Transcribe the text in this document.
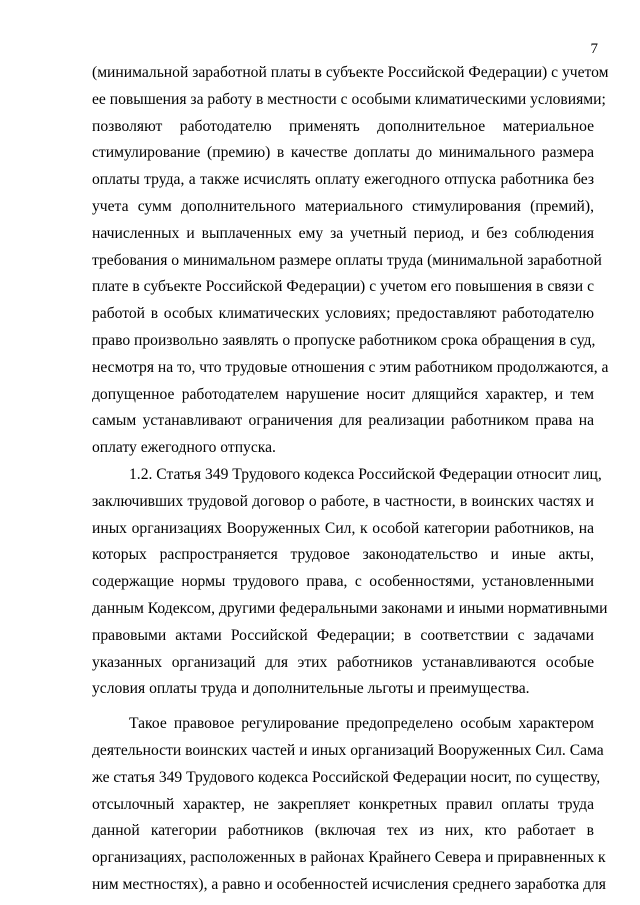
7
(минимальной заработной платы в субъекте Российской Федерации) с учетом
ее повышения за работу в местности с особыми климатическими условиями;
позволяют работодателю применять дополнительное материальное
стимулирование (премию) в качестве доплаты до минимального размера
оплаты труда, а также исчислять оплату ежегодного отпуска работника без
учета сумм дополнительного материального стимулирования (премий),
начисленных и выплаченных ему за учетный период, и без соблюдения
требования о минимальном размере оплаты труда (минимальной заработной
плате в субъекте Российской Федерации) с учетом его повышения в связи с
работой в особых климатических условиях; предоставляют работодателю
право произвольно заявлять о пропуске работником срока обращения в суд,
несмотря на то, что трудовые отношения с этим работником продолжаются, а
допущенное работодателем нарушение носит длящийся характер, и тем
самым устанавливают ограничения для реализации работником права на
оплату ежегодного отпуска.
1.2. Статья 349 Трудового кодекса Российской Федерации относит лиц,
заключивших трудовой договор о работе, в частности, в воинских частях и
иных организациях Вооруженных Сил, к особой категории работников, на
которых распространяется трудовое законодательство и иные акты,
содержащие нормы трудового права, с особенностями, установленными
данным Кодексом, другими федеральными законами и иными нормативными
правовыми актами Российской Федерации; в соответствии с задачами
указанных организаций для этих работников устанавливаются особые
условия оплаты труда и дополнительные льготы и преимущества.
Такое правовое регулирование предопределено особым характером
деятельности воинских частей и иных организаций Вооруженных Сил. Сама
же статья 349 Трудового кодекса Российской Федерации носит, по существу,
отсылочный характер, не закрепляет конкретных правил оплаты труда
данной категории работников (включая тех из них, кто работает в
организациях, расположенных в районах Крайнего Севера и приравненных к
ним местностях), а равно и особенностей исчисления среднего заработка для
